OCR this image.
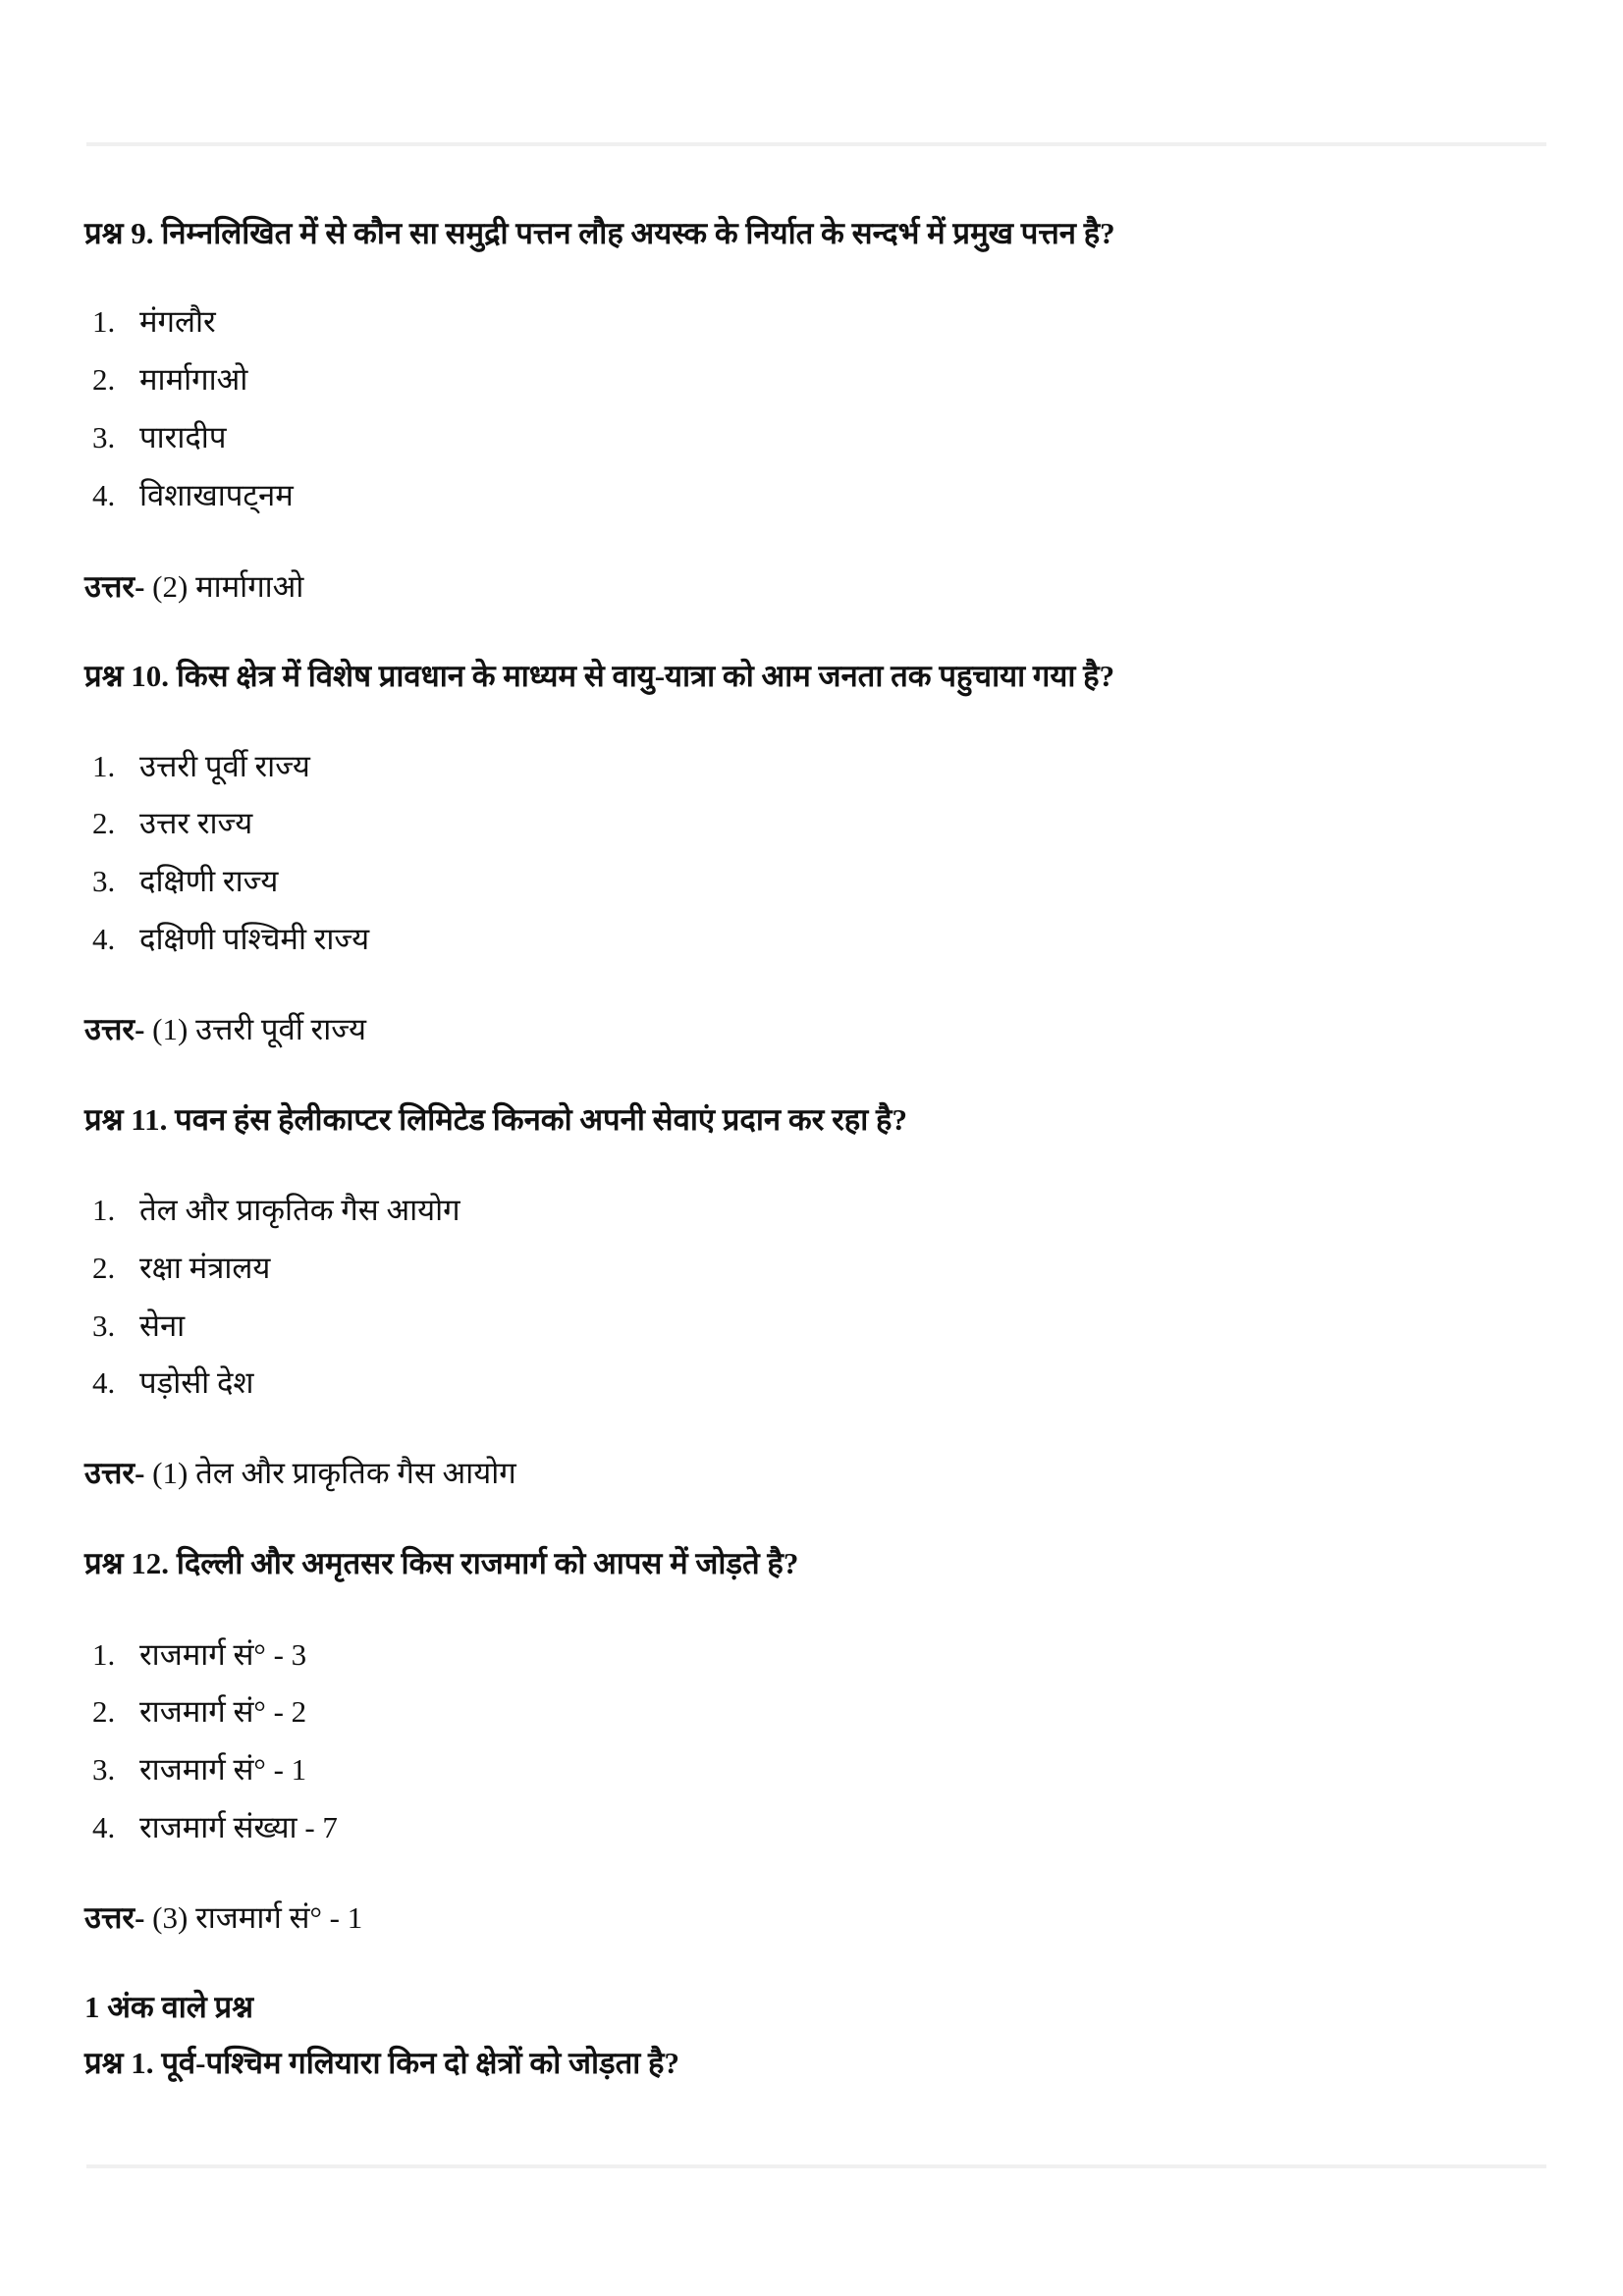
प्रश्न 9. निम्नलिखित में से कौन सा समुद्री पत्तन लौह अयस्क के निर्यात के सन्दर्भ में प्रमुख पत्तन है?
1. मंगलौर
2. मार्मागाओ
3. पारादीप
4. विशाखापट्नम
उत्तर- (2) मार्मागाओ
प्रश्न 10. किस क्षेत्र में विशेष प्रावधान के माध्यम से वायु-यात्रा को आम जनता तक पहुचाया गया है?
1. उत्तरी पूर्वी राज्य
2. उत्तर राज्य
3. दक्षिणी राज्य
4. दक्षिणी पश्चिमी राज्य
उत्तर- (1) उत्तरी पूर्वी राज्य
प्रश्न 11. पवन हंस हेलीकाप्टर लिमिटेड किनको अपनी सेवाएं प्रदान कर रहा है?
1. तेल और प्राकृतिक गैस आयोग
2. रक्षा मंत्रालय
3. सेना
4. पड़ोसी देश
उत्तर- (1) तेल और प्राकृतिक गैस आयोग
प्रश्न 12. दिल्ली और अमृतसर किस राजमार्ग को आपस में जोड़ते है?
1. राजमार्ग सं° - 3
2. राजमार्ग सं° - 2
3. राजमार्ग सं° - 1
4. राजमार्ग संख्या - 7
उत्तर- (3) राजमार्ग सं° - 1
1 अंक वाले प्रश्न
प्रश्न 1. पूर्व-पश्चिम गलियारा किन दो क्षेत्रों को जोड़ता है?
